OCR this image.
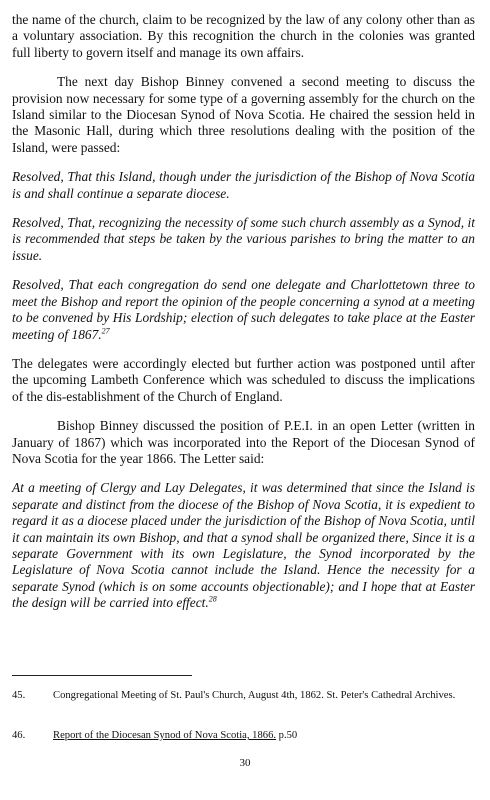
the name of the church, claim to be recognized by the law of any colony other than as a voluntary association. By this recognition the church in the colonies was granted full liberty to govern itself and manage its own affairs.

The next day Bishop Binney convened a second meeting to discuss the provision now necessary for some type of a governing assembly for the church on the Island similar to the Diocesan Synod of Nova Scotia. He chaired the session held in the Masonic Hall, during which three resolutions dealing with the position of the Island, were passed:

Resolved, That this Island, though under the jurisdiction of the Bishop of Nova Scotia is and shall continue a separate diocese.

Resolved, That, recognizing the necessity of some such church assembly as a Synod, it is recommended that steps be taken by the various parishes to bring the matter to an issue.

Resolved, That each congregation do send one delegate and Charlottetown three to meet the Bishop and report the opinion of the people concerning a synod at a meeting to be convened by His Lordship; election of such delegates to take place at the Easter meeting of 1867.27

The delegates were accordingly elected but further action was postponed until after the upcoming Lambeth Conference which was scheduled to discuss the implications of the dis-establishment of the Church of England.

Bishop Binney discussed the position of P.E.I. in an open Letter (written in January of 1867) which was incorporated into the Report of the Diocesan Synod of Nova Scotia for the year 1866. The Letter said:

At a meeting of Clergy and Lay Delegates, it was determined that since the Island is separate and distinct from the diocese of the Bishop of Nova Scotia, it is expedient to regard it as a diocese placed under the jurisdiction of the Bishop of Nova Scotia, until it can maintain its own Bishop, and that a synod shall be organized there, Since it is a separate Government with its own Legislature, the Synod incorporated by the Legislature of Nova Scotia cannot include the Island. Hence the necessity for a separate Synod (which is on some accounts objectionable); and I hope that at Easter the design will be carried into effect.$^{28}$

45.	Congregational Meeting of St. Paul's Church, August 4th, 1862. St. Peter's Cathedral Archives.
46.	Report of the Diocesan Synod of Nova Scotia, 1866. p.50
30
